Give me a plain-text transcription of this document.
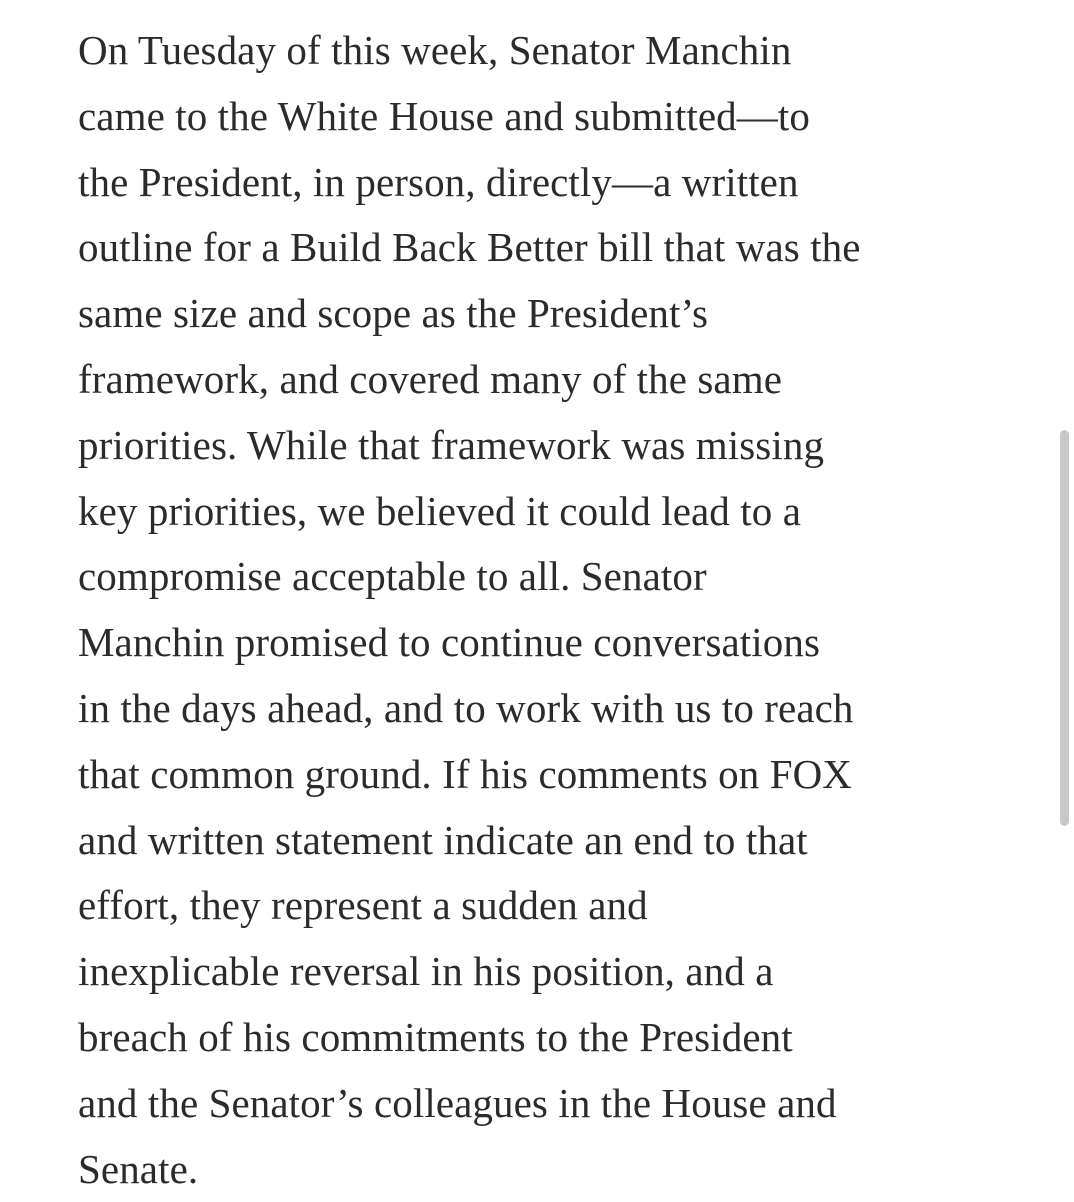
On Tuesday of this week, Senator Manchin
came to the White House and submitted—to
the President, in person, directly—a written
outline for a Build Back Better bill that was the
same size and scope as the President’s
framework, and covered many of the same
priorities. While that framework was missing
key priorities, we believed it could lead to a
compromise acceptable to all. Senator
Manchin promised to continue conversations
in the days ahead, and to work with us to reach
that common ground. If his comments on FOX
and written statement indicate an end to that
effort, they represent a sudden and
inexplicable reversal in his position, and a
breach of his commitments to the President
and the Senator’s colleagues in the House and
Senate.
